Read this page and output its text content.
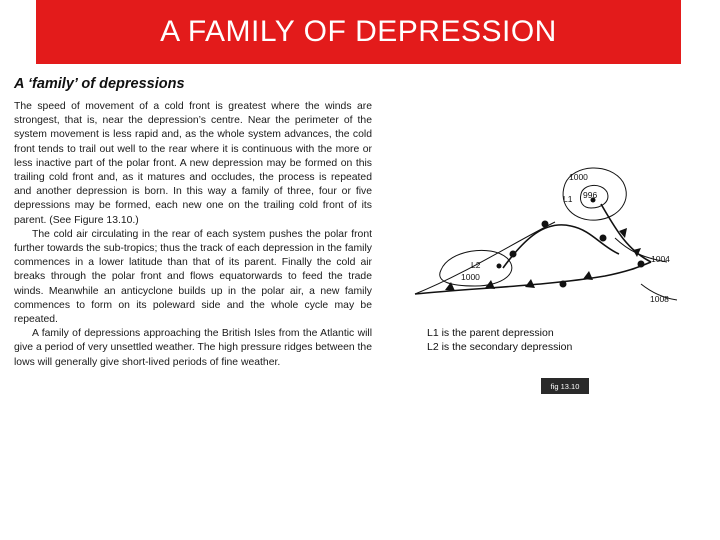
A FAMILY OF DEPRESSION
A ‘family’ of depressions

The speed of movement of a cold front is greatest where the winds are strongest, that is, near the depression’s centre. Near the perimeter of the system movement is less rapid and, as the whole system advances, the cold front tends to trail out well to the rear where it is continuous with the more or less inactive part of the polar front. A new depression may be formed on this trailing cold front and, as it matures and occludes, the process is repeated and another depression is born. In this way a family of three, four or five depressions may be formed, each new one on the trailing cold front of its parent. (See Figure 13.10.)

The cold air circulating in the rear of each system pushes the polar front further towards the sub-tropics; thus the track of each depression in the family commences in a lower latitude than that of its parent. Finally the cold air breaks through the polar front and flows equatorwards to feed the trade winds. Meanwhile an anticyclone builds up in the polar air, a new family commences to form on its poleward side and the whole cycle may be repeated.

A family of depressions approaching the British Isles from the Atlantic will give a period of very unsettled weather. The high pressure ridges between the lows will generally give short-lived periods of fine weather.

1000
L1 996
L2
1000
1004
1008
L1 is the parent depression
L2 is the secondary depression
fig 13.10
